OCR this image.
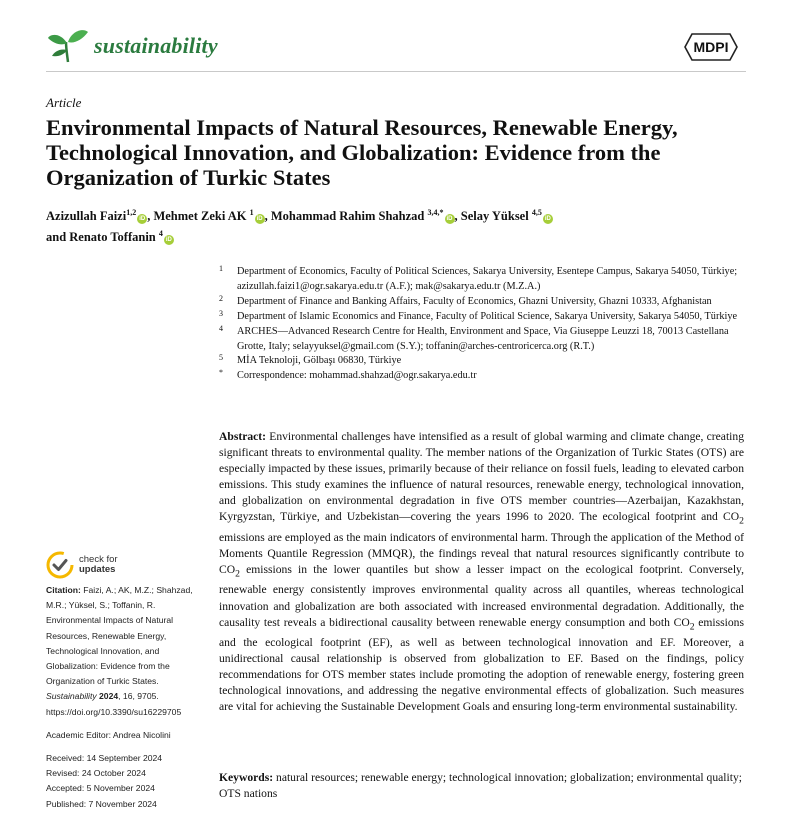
sustainability	MDPI
Article
Environmental Impacts of Natural Resources, Renewable Energy, Technological Innovation, and Globalization: Evidence from the Organization of Turkic States
Azizullah Faizi$^{1,2}$iD , Mehmet Zeki AK $^1$iD , Mohammad Rahim Shahzad $^{3,4,*}$iD , Selay Yüksel $^{4,5}$iD
and Renato Toffanin $^4$iD
1 Department of Economics, Faculty of Political Sciences, Sakarya University, Esentepe Campus, Sakarya 54050, Türkiye; azizullah.faizi1@ogr.sakarya.edu.tr (A.F.); mak@sakarya.edu.tr (M.Z.A.)
2 Department of Finance and Banking Affairs, Faculty of Economics, Ghazni University, Ghazni 10333, Afghanistan
3 Department of Islamic Economics and Finance, Faculty of Political Science, Sakarya University, Sakarya 54050, Türkiye
4 ARCHES—Advanced Research Centre for Health, Environment and Space, Via Giuseppe Leuzzi 18, 70013 Castellana Grotte, Italy; selayyuksel@gmail.com (S.Y.); toffanin@arches-centroricerca.org (R.T.)
5 MİA Teknoloji, Gölbaşı 06830, Türkiye
* Correspondence: mohammad.shahzad@ogr.sakarya.edu.tr
Abstract: Environmental challenges have intensified as a result of global warming and climate change, creating significant threats to environmental quality. The member nations of the Organization of Turkic States (OTS) are especially impacted by these issues, primarily because of their reliance on fossil fuels, leading to elevated carbon emissions. This study examines the influence of natural resources, renewable energy, technological innovation, and globalization on environmental degradation in five OTS member countries—Azerbaijan, Kazakhstan, Kyrgyzstan, Türkiye, and Uzbekistan—covering the years 1996 to 2020. The ecological footprint and $CO_2$ emissions are employed as the main indicators of environmental harm. Through the application of the Method of Moments Quantile Regression (MMQR), the findings reveal that natural resources significantly contribute to $CO_2$ emissions in the lower quantiles but show a lesser impact on the ecological footprint. Conversely, renewable energy consistently improves environmental quality across all quantiles, whereas technological innovation and globalization are both associated with increased environmental degradation. Additionally, the causality test reveals a bidirectional causality between renewable energy consumption and both $CO_2$ emissions and the ecological footprint (EF), as well as between technological innovation and EF. Moreover, a unidirectional causal relationship is observed from globalization to EF. Based on the findings, policy recommendations for OTS member states include promoting the adoption of renewable energy, fostering green technological innovations, and addressing the negative environmental effects of globalization. Such measures are vital for achieving the Sustainable Development Goals and ensuring long-term environmental sustainability.
Keywords: natural resources; renewable energy; technological innovation; globalization; environmental quality; OTS nations
check for
updates
Citation: Faizi, A.; AK, M.Z.; Shahzad, M.R.; Yüksel, S.; Toffanin, R. Environmental Impacts of Natural Resources, Renewable Energy, Technological Innovation, and Globalization: Evidence from the Organization of Turkic States. Sustainability 2024, 16, 9705.
https://doi.org/10.3390/su16229705
Academic Editor: Andrea Nicolini
Received: 14 September 2024
Revised: 24 October 2024
Accepted: 5 November 2024
Published: 7 November 2024
